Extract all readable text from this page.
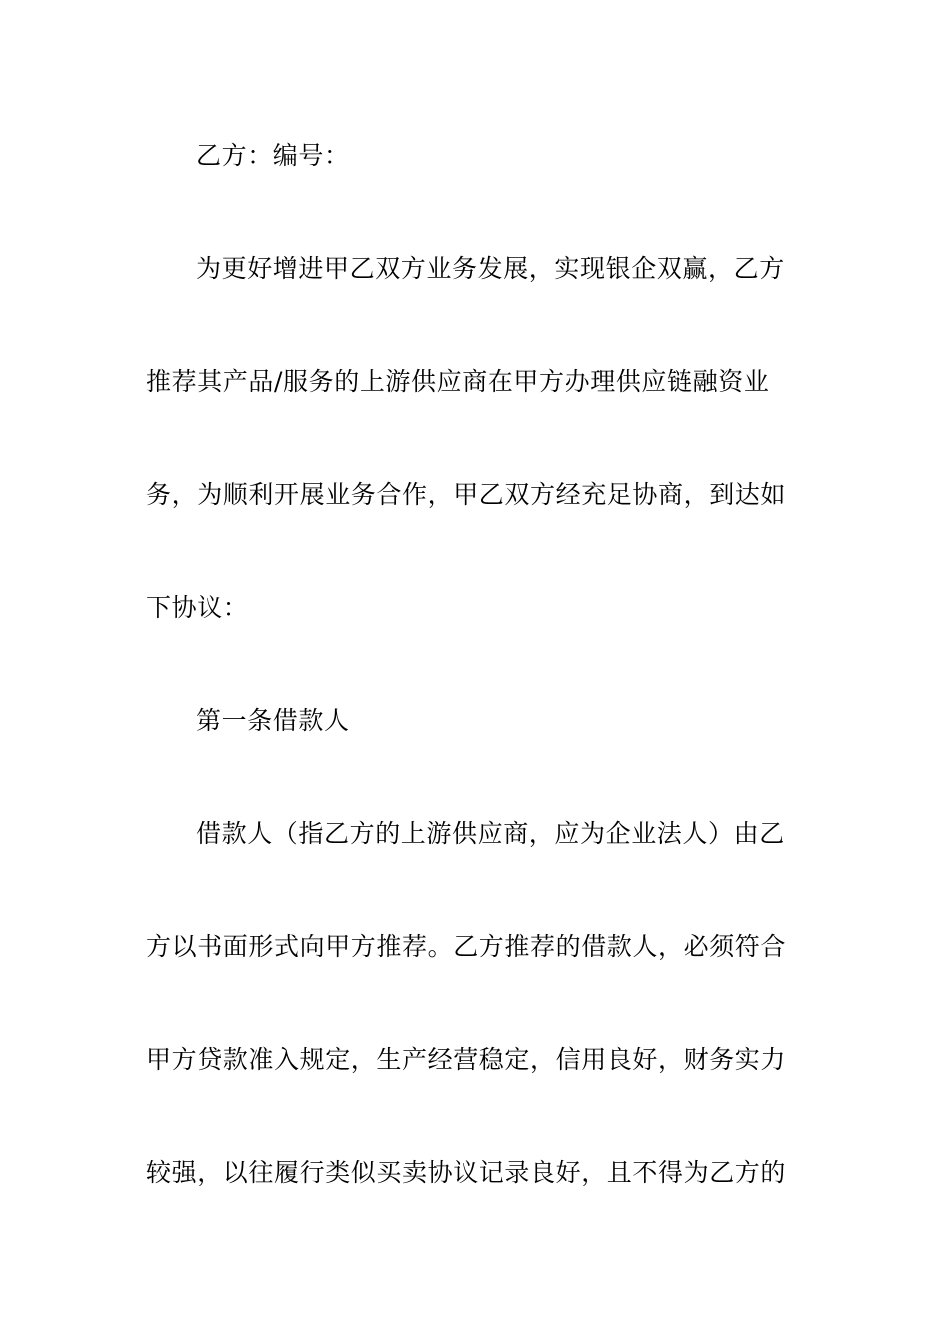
乙方：编号：
为更好增进甲乙双方业务发展，实现银企双赢，乙方
推荐其产品/服务的上游供应商在甲方办理供应链融资业
务，为顺利开展业务合作，甲乙双方经充足协商，到达如
下协议：
第一条借款人
借款人（指乙方的上游供应商，应为企业法人）由乙
方以书面形式向甲方推荐。乙方推荐的借款人，必须符合
甲方贷款准入规定，生产经营稳定，信用良好，财务实力
较强，以往履行类似买卖协议记录良好，且不得为乙方的
